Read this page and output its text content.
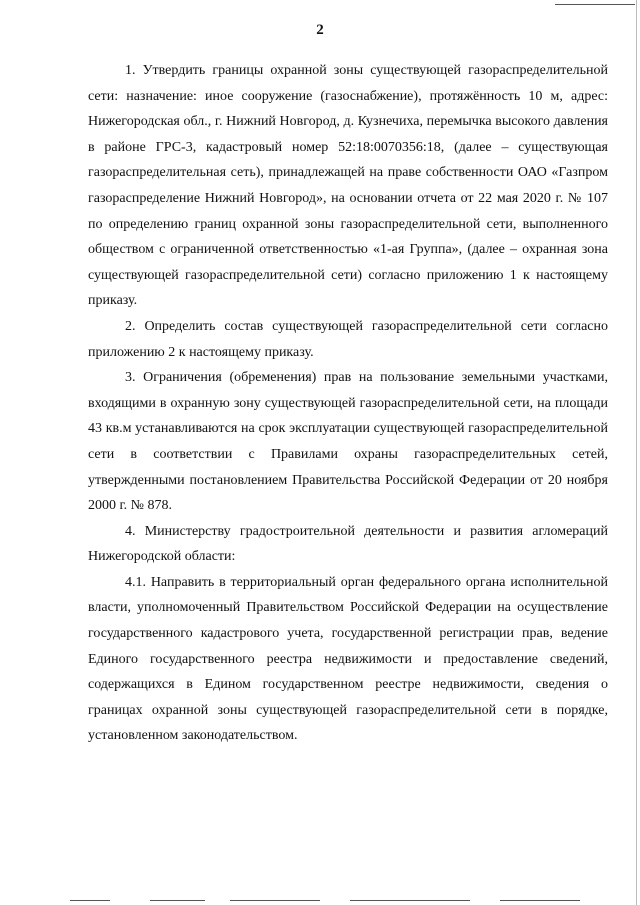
2

1. Утвердить границы охранной зоны существующей газораспределительной сети: назначение: иное сооружение (газоснабжение), протяжённость 10 м, адрес: Нижегородская обл., г. Нижний Новгород, д. Кузнечиха, перемычка высокого давления в районе ГРС-3, кадастровый номер 52:18:0070356:18, (далее – существующая газораспределительная сеть), принадлежащей на праве собственности ОАО «Газпром газораспределение Нижний Новгород», на основании отчета от 22 мая 2020 г. № 107 по определению границ охранной зоны газораспределительной сети, выполненного обществом с ограниченной ответственностью «1-ая Группа», (далее – охранная зона существующей газораспределительной сети) согласно приложению 1 к настоящему приказу.

2. Определить состав существующей газораспределительной сети согласно приложению 2 к настоящему приказу.

3. Ограничения (обременения) прав на пользование земельными участками, входящими в охранную зону существующей газораспределительной сети, на площади 43 кв.м устанавливаются на срок эксплуатации существующей газораспределительной сети в соответствии с Правилами охраны газораспределительных сетей, утвержденными постановлением Правительства Российской Федерации от 20 ноября 2000 г. № 878.

4. Министерству градостроительной деятельности и развития агломераций Нижегородской области:

4.1. Направить в территориальный орган федерального органа исполнительной власти, уполномоченный Правительством Российской Федерации на осуществление государственного кадастрового учета, государственной регистрации прав, ведение Единого государственного реестра недвижимости и предоставление сведений, содержащихся в Едином государственном реестре недвижимости, сведения о границах охранной зоны существующей газораспределительной сети в порядке, установленном законодательством.
